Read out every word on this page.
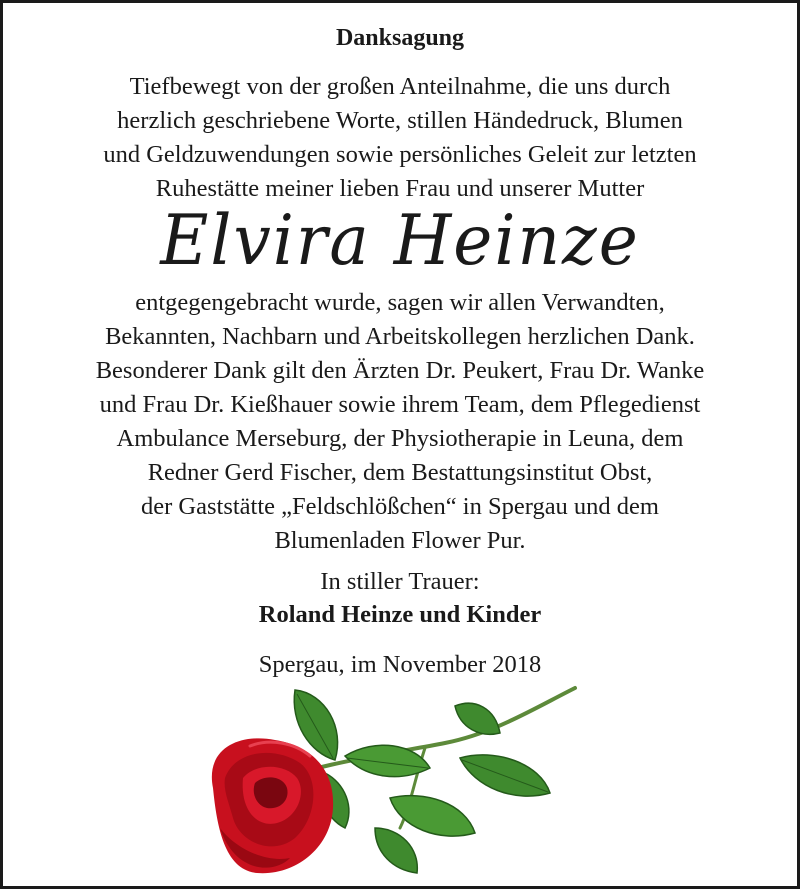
Danksagung
Tiefbewegt von der großen Anteilnahme, die uns durch
herzlich geschriebene Worte, stillen Händedruck, Blumen
und Geldzuwendungen sowie persönliches Geleit zur letzten
Ruhestätte meiner lieben Frau und unserer Mutter
Elvira Heinze
entgegengebracht wurde, sagen wir allen Verwandten,
Bekannten, Nachbarn und Arbeitskollegen herzlichen Dank.
Besonderer Dank gilt den Ärzten Dr. Peukert, Frau Dr. Wanke
und Frau Dr. Kießhauer sowie ihrem Team, dem Pflegedienst
Ambulance Merseburg, der Physiotherapie in Leuna, dem
Redner Gerd Fischer, dem Bestattungsinstitut Obst,
der Gaststätte „Feldschlößchen“ in Spergau und dem
Blumenladen Flower Pur.
In stiller Trauer:
Roland Heinze und Kinder
Spergau, im November 2018
